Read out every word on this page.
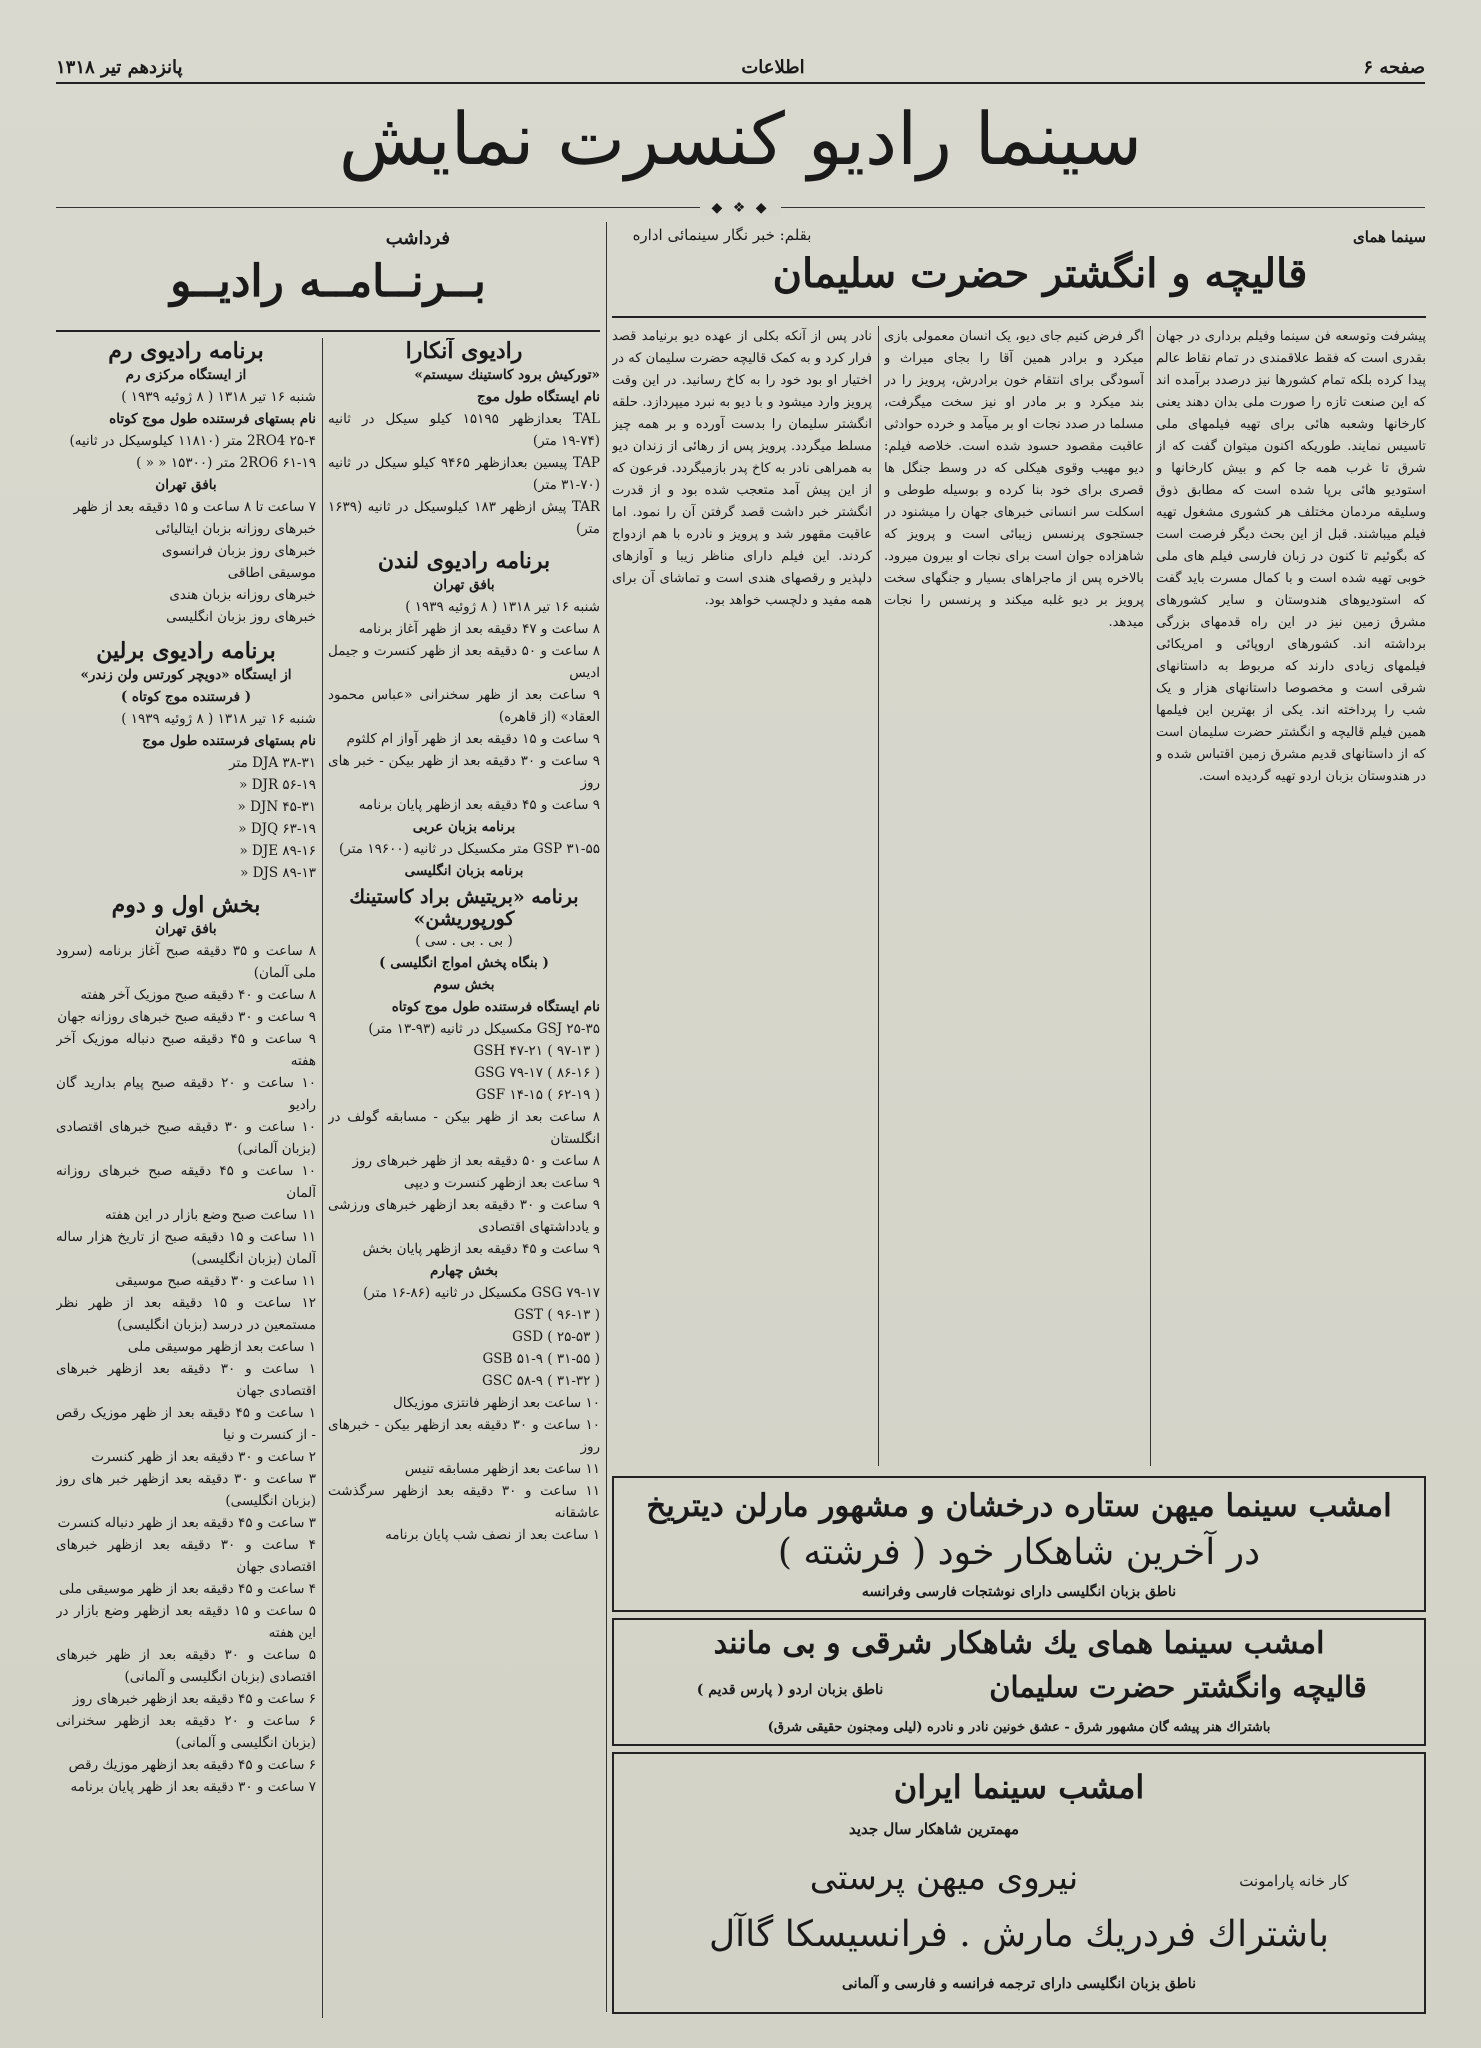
صفحه ۶
اطلاعات
پانزدهم تیر ۱۳۱۸
سینما رادیو کنسرت نمایش
◆ ❖ ◆
سینما همای
قالیچه و انگشتر حضرت سلیمان
بقلم: خبر نگار سینمائی اداره
پیشرفت وتوسعه فن سینما وفیلم برداری در جهان بقدری است که فقط علاقمندی در تمام نقاط عالم پیدا کرده بلکه تمام کشورها نیز درصدد برآمده اند که این صنعت تازه را صورت ملی بدان دهند یعنی کارخانها وشعبه هائی برای تهیه فیلمهای ملی تاسیس نمایند. طوریکه اکنون میتوان گفت که از شرق تا غرب همه جا کم و بیش کارخانها و استودیو هائی برپا شده است که مطابق ذوق وسلیقه مردمان مختلف هر کشوری مشغول تهیه فیلم میباشند. قبل از این بحث دیگر فرصت است که بگوئیم تا کنون در زبان فارسی فیلم های ملی خوبی تهیه شده است و با کمال مسرت باید گفت که استودیوهای هندوستان و سایر کشورهای مشرق زمین نیز در این راه قدمهای بزرگی برداشته اند. کشورهای اروپائی و امریکائی فیلمهای زیادی دارند که مربوط به داستانهای شرقی است و مخصوصا داستانهای هزار و یک شب را پرداخته اند. یکی از بهترین این فیلمها همین فیلم قالیچه و انگشتر حضرت سلیمان است که از داستانهای قدیم مشرق زمین اقتباس شده و در هندوستان بزبان اردو تهیه گردیده است.
اگر فرض کنیم جای دیو، یک انسان معمولی بازی میکرد و برادر همین آقا را بجای میراث و آسودگی برای انتقام خون برادرش، پرویز را در بند میکرد و بر مادر او نیز سخت میگرفت، مسلما در صدد نجات او بر میآمد و خرده حوادثی عاقبت مقصود حسود شده است. خلاصه فیلم: دیو مهیب وقوی هیکلی که در وسط جنگل ها قصری برای خود بنا کرده و بوسیله طوطی و اسکلت سر انسانی خبرهای جهان را میشنود در جستجوی پرنسس زیبائی است و پرویز که شاهزاده جوان است برای نجات او بیرون میرود. بالاخره پس از ماجراهای بسیار و جنگهای سخت پرویز بر دیو غلبه میکند و پرنسس را نجات میدهد.
نادر پس از آنکه بکلی از عهده دیو برنیامد قصد فرار کرد و به کمک قالیچه حضرت سلیمان که در اختیار او بود خود را به کاخ رسانید. در این وقت پرویز وارد میشود و با دیو به نبرد میپردازد. حلقه انگشتر سلیمان را بدست آورده و بر همه چیز مسلط میگردد. پرویز پس از رهائی از زندان دیو به همراهی نادر به کاخ پدر بازمیگردد. فرعون که از این پیش آمد متعجب شده بود و از قدرت انگشتر خبر داشت قصد گرفتن آن را نمود. اما عاقبت مقهور شد و پرویز و نادره با هم ازدواج کردند. این فیلم دارای مناظر زیبا و آوازهای دلپذیر و رقصهای هندی است و تماشای آن برای همه مفید و دلچسب خواهد بود.
امشب سینما میهن ستاره درخشان و مشهور مارلن دیتریخ
در آخرین شاهکار خود ( فرشته )
ناطق بزبان انگلیسی دارای نوشتجات فارسی وفرانسه
امشب سینما همای یك شاهکار شرقی و بی مانند
قالیچه وانگشتر حضرت سلیمان
ناطق بزبان اردو ( پارس قدیم )
باشتراك هنر پیشه گان مشهور شرق - عشق خونین نادر و نادره (لیلی ومجنون حقیقی شرق)
امشب سینما ایران
مهمترین شاهکار سال جدید
نیروی میهن پرستی	کار خانه پارامونت
باشتراك فردریك مارش . فرانسیسکا گاآل
ناطق بزبان انگلیسی دارای ترجمه فرانسه و فارسی و آلمانی
فرداشب
بــرنــامــه رادیــو
رادیوی آنکارا
«تورکیش برود کاستینك سیستم»
نام ایستگاه طول موج
TAL بعدازظهر ۱۵۱۹۵ کیلو سیکل در ثانیه (۷۴-۱۹ متر)
TAP پیسین بعدازظهر ۹۴۶۵ کیلو سیکل در ثانیه (۷۰-۳۱ متر)
TAR پیش ازظهر ۱۸۳ کیلوسیکل در ثانیه (۱۶۳۹ متر)
برنامه رادیوی لندن
بافق تهران
شنبه ۱۶ تیر ۱۳۱۸ ( ۸ ژوئیه ۱۹۳۹ )
۸ ساعت و ۴۷ دقیقه بعد از ظهر آغاز برنامه
۸ ساعت و ۵۰ دقیقه بعد از ظهر کنسرت و جیمل ادیس
۹ ساعت بعد از ظهر سخنرانی «عباس محمود العقاد» (از قاهره)
۹ ساعت و ۱۵ دقیقه بعد از ظهر آواز ام کلثوم
۹ ساعت و ۳۰ دقیقه بعد از ظهر بیکن - خبر های روز
۹ ساعت و ۴۵ دقیقه بعد ازظهر پایان برنامه
برنامه بزبان عربی
GSP ۳۱-۵۵ متر مکسیکل در ثانیه (۱۹۶۰۰ متر)
برنامه بزبان انگلیسی
برنامه «بریتیش براد کاستینك کورپوریشن»
( بی . بی . سی )
( بنگاه پخش امواج انگلیسی )
بخش سوم
نام ایستگاه فرستنده طول موج کوتاه
GSJ ۲۵-۳۵ مکسیکل در ثانیه (۹۳-۱۳ متر)
GSH ۴۷-۲۱ ( ۹۷-۱۳ )
GSG ۷۹-۱۷ ( ۸۶-۱۶ )
GSF ۱۴-۱۵ ( ۶۲-۱۹ )
۸ ساعت بعد از ظهر بیکن - مسابقه گولف در انگلستان
۸ ساعت و ۵۰ دقیقه بعد از ظهر خبرهای روز
۹ ساعت بعد ازظهر کنسرت و دیپی
۹ ساعت و ۳۰ دقیقه بعد ازظهر خبرهای ورزشی و یادداشتهای اقتصادی
۹ ساعت و ۴۵ دقیقه بعد ازظهر پایان بخش
بخش چهارم
GSG ۷۹-۱۷ مکسیکل در ثانیه (۸۶-۱۶ متر)
GST ( ۹۶-۱۳ )
GSD ( ۲۵-۵۳ )
GSB ۵۱-۹ ( ۳۱-۵۵ )
GSC ۵۸-۹ ( ۳۱-۳۲ )
۱۰ ساعت بعد ازظهر فانتزی موزیکال
۱۰ ساعت و ۳۰ دقیقه بعد ازظهر بیکن - خبرهای روز
۱۱ ساعت بعد ازظهر مسابقه تنیس
۱۱ ساعت و ۳۰ دقیقه بعد ازظهر سرگذشت عاشقانه
۱ ساعت بعد از نصف شب پایان برنامه
برنامه رادیوی رم
از ایستگاه مرکزی رم
شنبه ۱۶ تیر ۱۳۱۸ ( ۸ ژوئیه ۱۹۳۹ )
نام بستهای فرستنده طول موج کوتاه
2RO4 ۲۵-۴ متر (۱۱۸۱۰ کیلوسیکل در ثانیه)
2RO6 ۶۱-۱۹ متر (۱۵۳۰۰ « « )
بافق تهران
۷ ساعت تا ۸ ساعت و ۱۵ دقیقه بعد از ظهر
خبرهای روزانه بزبان ایتالیائی
خبرهای روز بزبان فرانسوی
موسیقی اطاقی
خبرهای روزانه بزبان هندی
خبرهای روز بزبان انگلیسی
برنامه رادیوی برلین
از ایستگاه «دویچر کورتس ولن زندر»
( فرستنده موج کوتاه )
شنبه ۱۶ تیر ۱۳۱۸ ( ۸ ژوئیه ۱۹۳۹ )
نام بستهای فرستنده طول موج
DJA ۳۸-۳۱ متر
DJR ۵۶-۱۹ «
DJN ۴۵-۳۱ «
DJQ ۶۳-۱۹ «
DJE ۸۹-۱۶ «
DJS ۸۹-۱۳ «
بخش اول و دوم
بافق تهران
۸ ساعت و ۳۵ دقیقه صبح آغاز برنامه (سرود ملی آلمان)
۸ ساعت و ۴۰ دقیقه صبح موزیک آخر هفته
۹ ساعت و ۳۰ دقیقه صبح خبرهای روزانه جهان
۹ ساعت و ۴۵ دقیقه صبح دنباله موزیک آخر هفته
۱۰ ساعت و ۲۰ دقیقه صبح پیام بدارید گان رادیو
۱۰ ساعت و ۳۰ دقیقه صبح خبرهای اقتصادی (بزبان آلمانی)
۱۰ ساعت و ۴۵ دقیقه صبح خبرهای روزانه آلمان
۱۱ ساعت صبح وضع بازار در این هفته
۱۱ ساعت و ۱۵ دقیقه صبح از تاریخ هزار ساله آلمان (بزبان انگلیسی)
۱۱ ساعت و ۳۰ دقیقه صبح موسیقی
۱۲ ساعت و ۱۵ دقیقه بعد از ظهر نظر مستمعین در درسد (بزبان انگلیسی)
۱ ساعت بعد ازظهر موسیقی ملی
۱ ساعت و ۳۰ دقیقه بعد ازظهر خبرهای اقتصادی جهان
۱ ساعت و ۴۵ دقیقه بعد از ظهر موزیک رقص - از کنسرت و نیا
۲ ساعت و ۳۰ دقیقه بعد از ظهر کنسرت
۳ ساعت و ۳۰ دقیقه بعد ازظهر خبر های روز (بزبان انگلیسی)
۳ ساعت و ۴۵ دقیقه بعد از ظهر دنباله کنسرت
۴ ساعت و ۳۰ دقیقه بعد ازظهر خبرهای اقتصادی جهان
۴ ساعت و ۴۵ دقیقه بعد از ظهر موسیقی ملی
۵ ساعت و ۱۵ دقیقه بعد ازظهر وضع بازار در این هفته
۵ ساعت و ۳۰ دقیقه بعد از ظهر خبرهای اقتصادی (بزبان انگلیسی و آلمانی)
۶ ساعت و ۴۵ دقیقه بعد ازظهر خبرهای روز
۶ ساعت و ۲۰ دقیقه بعد ازظهر سخنرانی (بزبان انگلیسی و آلمانی)
۶ ساعت و ۴۵ دقیقه بعد ازظهر موزیك رقص
۷ ساعت و ۳۰ دقیقه بعد از ظهر پایان برنامه
